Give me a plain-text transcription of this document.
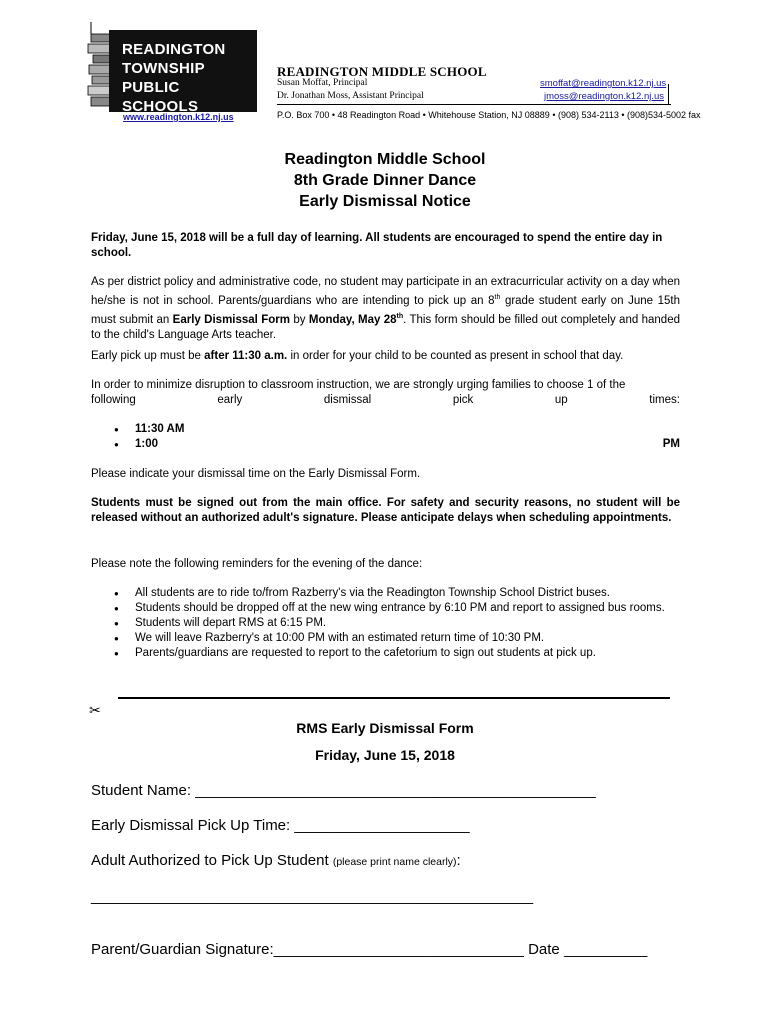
READINGTON
TOWNSHIP
PUBLIC SCHOOLS
www.readington.k12.nj.us
READINGTON MIDDLE SCHOOL
Susan Moffat, Principal
Dr. Jonathan Moss, Assistant Principal
smoffat@readington.k12.nj.us
jmoss@readington.k12.nj.us
P.O. Box 700 • 48 Readington Road • Whitehouse Station, NJ 08889 • (908) 534-2113 • (908)534-5002 fax
Readington Middle School
8th Grade Dinner Dance
Early Dismissal Notice
Friday, June 15, 2018 will be a full day of learning. All students are encouraged to spend the entire day in school.
As per district policy and administrative code, no student may participate in an extracurricular activity on a day when he/she is not in school. Parents/guardians who are intending to pick up an 8th grade student early on June 15th must submit an Early Dismissal Form by Monday, May 28th. This form should be filled out completely and handed to the child's Language Arts teacher.
Early pick up must be after 11:30 a.m. in order for your child to be counted as present in school that day.
In order to minimize disruption to classroom instruction, we are strongly urging families to choose 1 of the
following	early	dismissal	pick	up	times:
● 11:30 AM
● 1:00	PM
Please indicate your dismissal time on the Early Dismissal Form.
Students must be signed out from the main office. For safety and security reasons, no student will be released without an authorized adult's signature. Please anticipate delays when scheduling appointments.
Please note the following reminders for the evening of the dance:
● All students are to ride to/from Razberry's via the Readington Township School District buses.
● Students should be dropped off at the new wing entrance by 6:10 PM and report to assigned bus rooms.
● Students will depart RMS at 6:15 PM.
● We will leave Razberry's at 10:00 PM with an estimated return time of 10:30 PM.
● Parents/guardians are requested to report to the cafetorium to sign out students at pick up.
✂
RMS Early Dismissal Form
Friday, June 15, 2018
Student Name: ________________________________________________
Early Dismissal Pick Up Time: _____________________
Adult Authorized to Pick Up Student (please print name clearly):
_____________________________________________________
Parent/Guardian Signature:______________________________ Date __________
